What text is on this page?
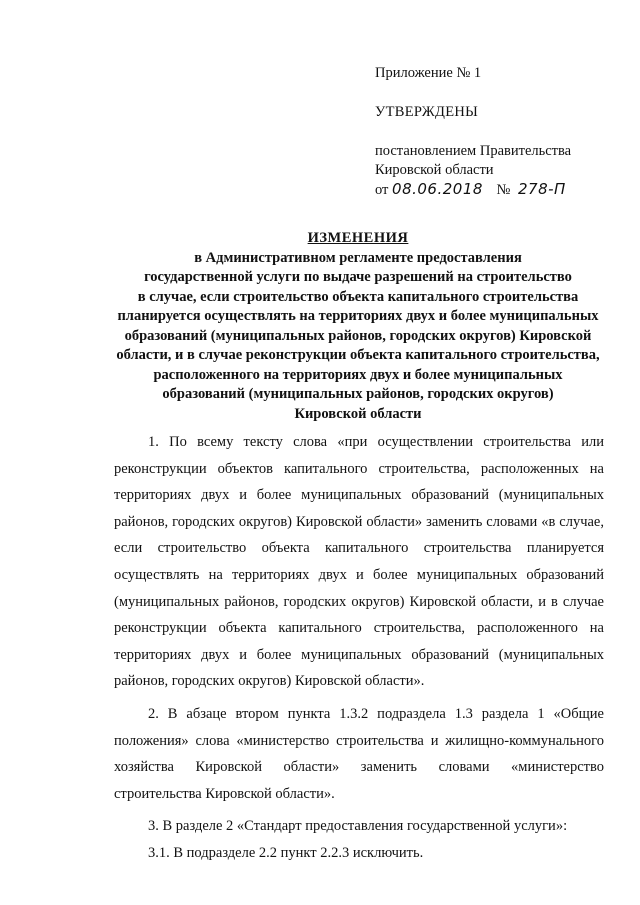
Приложение № 1
УТВЕРЖДЕНЫ
постановлением Правительства
Кировской области
от 08.06.2018 № 278-П
ИЗМЕНЕНИЯ
в Административном регламенте предоставления
государственной услуги по выдаче разрешений на строительство
в случае, если строительство объекта капитального строительства
планируется осуществлять на территориях двух и более муниципальных
образований (муниципальных районов, городских округов) Кировской
области, и в случае реконструкции объекта капитального строительства,
расположенного на территориях двух и более муниципальных
образований (муниципальных районов, городских округов)
Кировской области

1. По всему тексту слова «при осуществлении строительства или реконструкции объектов капитального строительства, расположенных на территориях двух и более муниципальных образований (муниципальных районов, городских округов) Кировской области» заменить словами «в случае, если строительство объекта капитального строительства планируется осуществлять на территориях двух и более муниципальных образований (муниципальных районов, городских округов) Кировской области, и в случае реконструкции объекта капитального строительства, расположенного на территориях двух и более муниципальных образований (муниципальных районов, городских округов) Кировской области».

2. В абзаце втором пункта 1.3.2 подраздела 1.3 раздела 1 «Общие положения» слова «министерство строительства и жилищно-коммунального хозяйства Кировской области» заменить словами «министерство строительства Кировской области».

3. В разделе 2 «Стандарт предоставления государственной услуги»:

3.1. В подразделе 2.2 пункт 2.2.3 исключить.
